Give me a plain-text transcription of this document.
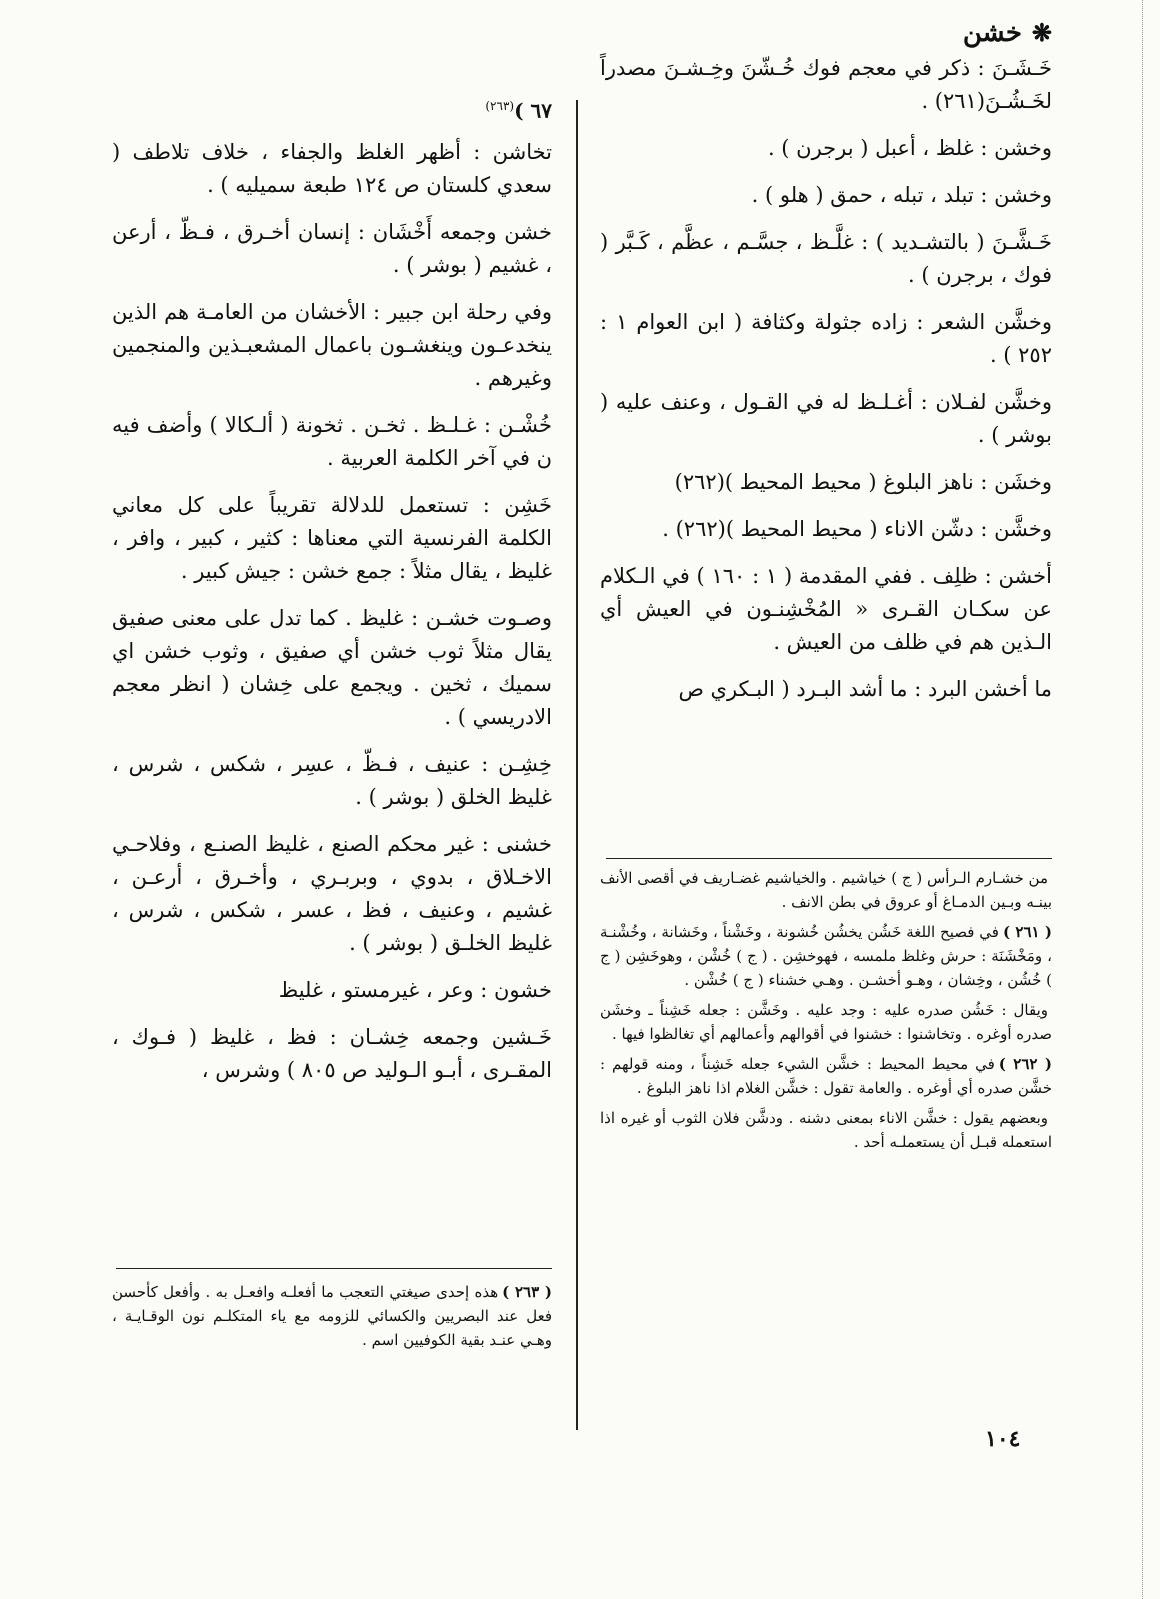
❋خشن

خَـشَـنَ : ذكر في معجم فوك خُـشّنَ وخِـشـنَ مصدراً لخَـشُـنَ(٢٦١) .

وخشن : غلظ ، أعبل ( برجرن ) .

وخشن : تبلد ، تبله ، حمق ( هلو ) .

خَـشَّـنَ ( بالتشـديد ) : غلَّـظ ، جسَّـم ، عظَّم ، كَـبَّر ( فوك ، برجرن ) .

وخشَّن الشعر : زاده جثولة وكثافة ( ابن العوام ١ : ٢٥٢ ) .

وخشَّن لفـلان : أغـلـظ له في القـول ، وعنف عليه ( بوشر ) .

وخشَن : ناهز البلوغ ( محيط المحيط )(٢٦٢)

وخشَّن : دشّن الاناء ( محيط المحيط )(٢٦٢) .

أخشن : ظلِف . ففي المقدمة ( ١ : ١٦٠ ) في الـكلام عن سكـان القـرى « المُخْشِنـون في العيش أي الـذين هم في ظلف من العيش .

ما أخشن البرد : ما أشد البـرد ( البـكري ص

من خشـارم الـرأس ( ج ) خياشيم . والخياشيم غضـاريف في أقصى الأنف بينـه وبـين الدمـاغ أو عروق في بطن الانف .

( ٢٦١ )في فصيح اللغة خَشُن يخشُن خُشونة ، وخَشْناً ، وخَشانة ، وخُشْنـة ، ومَخْشَنَة : حرش وغلظ ملمسه ، فهوخشِن . ( ج ) خُشْن ، وهوخَشِن ( ج ) خُشُن ، وخِشان ، وهـو أخشـن . وهـي خشناء ( ج ) خُشْن .

ويقال : خَشُن صدره عليه : وجد عليه . وخَشَّن : جعله خَشِناً ـ وخشَن صدره أوغره . وتخاشنوا : خشنوا في أقوالهم وأعمالهم أي تغالظوا فيها .

( ٢٦٢ )في محيط المحيط : خشَّن الشيء جعله خَشِناً ، ومنه قولهم : خشَّن صدره أي أوغره . والعامة تقول : خشَّن الغلام اذا ناهز البلوغ .

وبعضهم يقول : خشَّن الاناء بمعنى دشنه . ودشَّن فلان الثوب أو غيره اذا استعمله قبـل أن يستعملـه أحد .

٦٧ )$^{(٢٦٣)}$

تخاشن : أظهر الغلظ والجفاء ، خلاف تلاطف ( سعدي كلستان ص ١٢٤ طبعة سميليه ) .

خشن وجمعه أَخْشَان : إنسان أخـرق ، فـظّ ، أرعن ، غشيم ( بوشر ) .

وفي رحلة ابن جبير : الأخشان من العامـة هم الذين ينخدعـون وينغشـون باعمال المشعبـذين والمنجمين وغيرهم .

خُشْـن : غـلـظ . ثخـن . ثخونة ( ألـكالا ) وأضف فيه ن في آخر الكلمة العربية .

خَشِن : تستعمل للدلالة تقريباً على كل معاني الكلمة الفرنسية التي معناها : كثير ، كبير ، وافر ، غليظ ، يقال مثلاً : جمع خشن : جيش كبير .

وصـوت خشـن : غليظ . كما تدل على معنى صفيق يقال مثلاً ثوب خشن أي صفيق ، وثوب خشن اي سميك ، ثخين . ويجمع على خِشان ( انظر معجم الادريسي ) .

خِشِـن : عنيف ، فـظّ ، عسِر ، شكس ، شرس ، غليظ الخلق ( بوشر ) .

خشنى : غير محكم الصنع ، غليظ الصنـع ، وفلاحـي الاخـلاق ، بدوي ، وبربـري ، وأخـرق ، أرعـن ، غشيم ، وعنيف ، فظ ، عسر ، شكس ، شرس ، غليظ الخلـق ( بوشر ) .

خشون : وعر ، غيرمستو ، غليظ

خَـشين وجمعه خِشـان : فظ ، غليظ ( فـوك ، المقـرى ، أبـو الـوليد ص ٨٠٥ ) وشرس ،

( ٢٦٣ )هذه إحدى صيغتي التعجب ما أفعلـه وافعـل به . وأفعل كأحسن فعل عند البصريين والكسائي للزومه مع ياء المتكلـم نون الوقـايـة ، وهـي عنـد بقية الكوفيين اسم .

١٠٤
